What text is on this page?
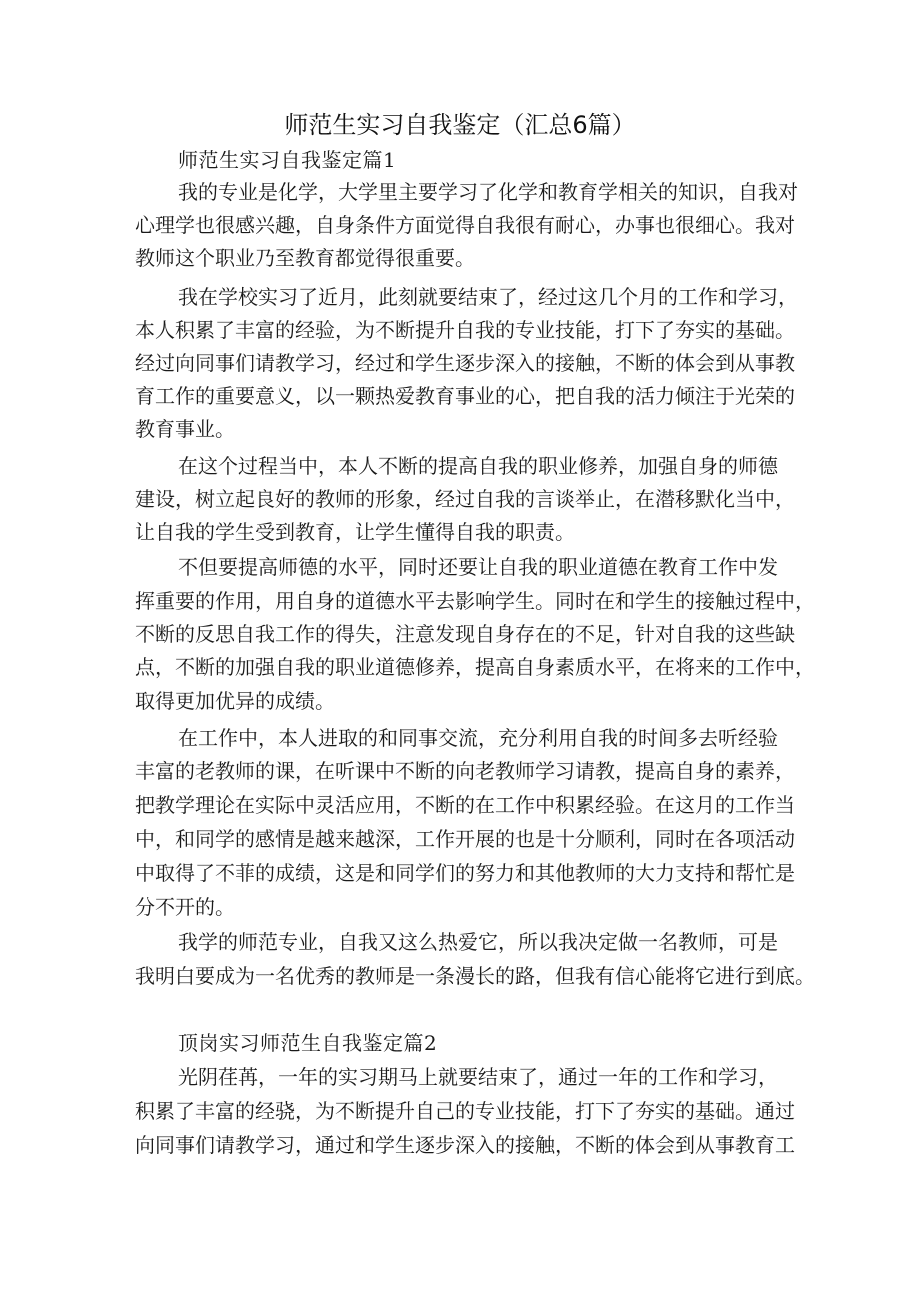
师范生实习自我鉴定（汇总6篇）
师范生实习自我鉴定篇1
我的专业是化学，大学里主要学习了化学和教育学相关的知识，自我对
心理学也很感兴趣，自身条件方面觉得自我很有耐心，办事也很细心。我对
教师这个职业乃至教育都觉得很重要。
我在学校实习了近月，此刻就要结束了，经过这几个月的工作和学习，
本人积累了丰富的经验，为不断提升自我的专业技能，打下了夯实的基础。
经过向同事们请教学习，经过和学生逐步深入的接触，不断的体会到从事教
育工作的重要意义，以一颗热爱教育事业的心，把自我的活力倾注于光荣的
教育事业。
在这个过程当中，本人不断的提高自我的职业修养，加强自身的师德
建设，树立起良好的教师的形象，经过自我的言谈举止，在潜移默化当中，
让自我的学生受到教育，让学生懂得自我的职责。
不但要提高师德的水平，同时还要让自我的职业道德在教育工作中发
挥重要的作用，用自身的道德水平去影响学生。同时在和学生的接触过程中，
不断的反思自我工作的得失，注意发现自身存在的不足，针对自我的这些缺
点，不断的加强自我的职业道德修养，提高自身素质水平，在将来的工作中，
取得更加优异的成绩。
在工作中，本人进取的和同事交流，充分利用自我的时间多去听经验
丰富的老教师的课，在听课中不断的向老教师学习请教，提高自身的素养，
把教学理论在实际中灵活应用，不断的在工作中积累经验。在这月的工作当
中，和同学的感情是越来越深，工作开展的也是十分顺利，同时在各项活动
中取得了不菲的成绩，这是和同学们的努力和其他教师的大力支持和帮忙是
分不开的。
我学的师范专业，自我又这么热爱它，所以我决定做一名教师，可是
我明白要成为一名优秀的教师是一条漫长的路，但我有信心能将它进行到底。
顶岗实习师范生自我鉴定篇2
光阴荏苒，一年的实习期马上就要结束了，通过一年的工作和学习，
积累了丰富的经骁，为不断提升自己的专业技能，打下了夯实的基础。通过
向同事们请教学习，通过和学生逐步深入的接触，不断的体会到从事教育工
